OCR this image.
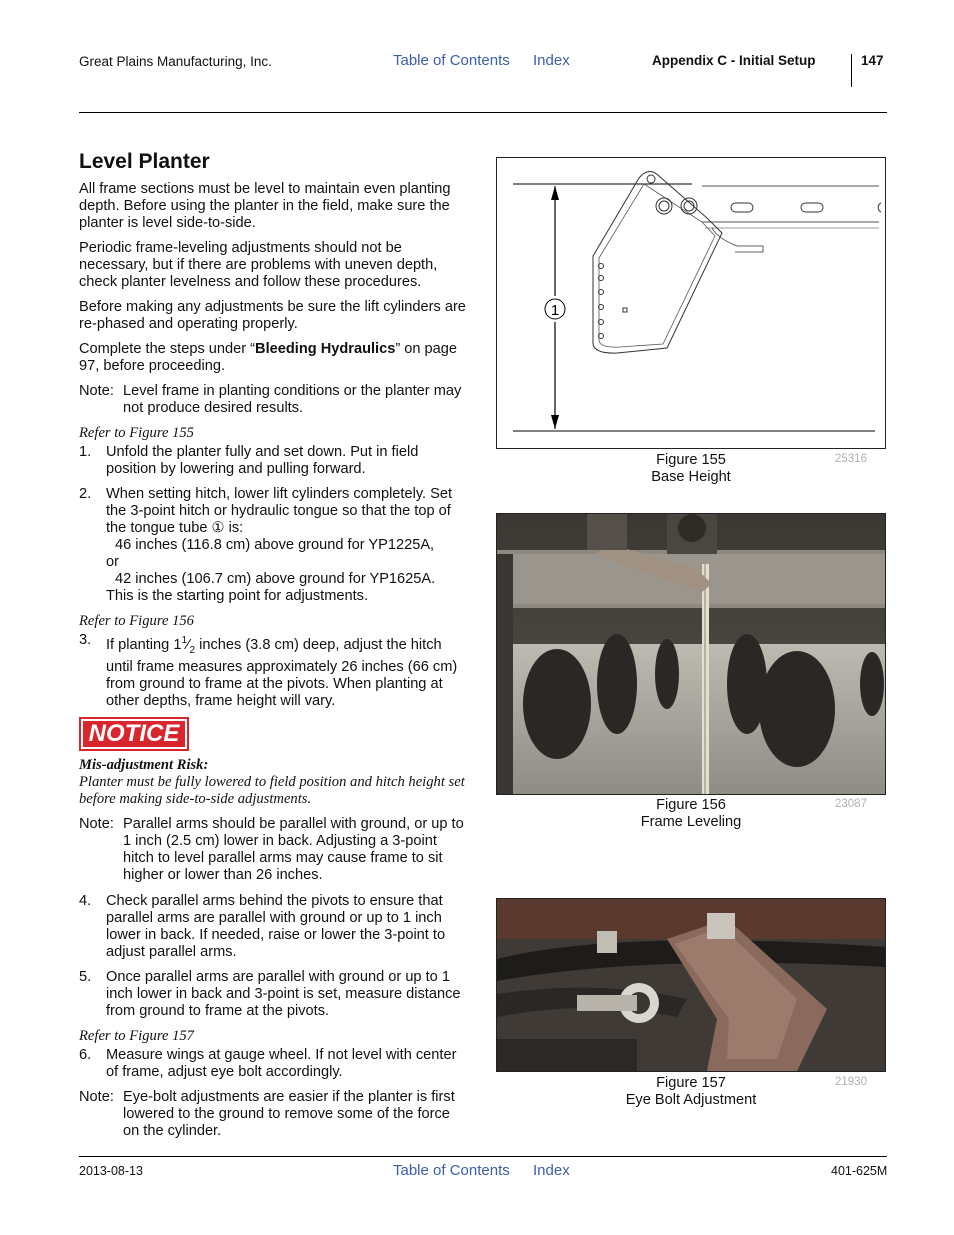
Great Plains Manufacturing, Inc.	Table of Contents Index	Appendix C - Initial Setup	147

Level Planter

All frame sections must be level to maintain even planting depth. Before using the planter in the field, make sure the planter is level side-to-side.

Periodic frame-leveling adjustments should not be necessary, but if there are problems with uneven depth, check planter levelness and follow these procedures.

Before making any adjustments be sure the lift cylinders are re-phased and operating properly.

Complete the steps under “Bleeding Hydraulics” on page 97, before proceeding.

Note: Level frame in planting conditions or the planter may not produce desired results.

Refer to Figure 155

1.	Unfold the planter fully and set down. Put in field position by lowering and pulling forward.
2.	When setting hitch, lower lift cylinders completely. Set the 3-point hitch or hydraulic tongue so that the top of the tongue tube ① is:
46 inches (116.8 cm) above ground for YP1225A,
or
42 inches (106.7 cm) above ground for YP1625A.
This is the starting point for adjustments.

Refer to Figure 156

3.	If planting $1^1⁄_2$ inches (3.8 cm) deep, adjust the hitch until frame measures approximately 26 inches (66 cm) from ground to frame at the pivots. When planting at other depths, frame height will vary.
NOTICE

Mis-adjustment Risk:

Planter must be fully lowered to field position and hitch height set before making side-to-side adjustments.

Note: Parallel arms should be parallel with ground, or up to 1 inch (2.5 cm) lower in back. Adjusting a 3-point hitch to level parallel arms may cause frame to sit higher or lower than 26 inches.
4.	Check parallel arms behind the pivots to ensure that parallel arms are parallel with ground or up to 1 inch lower in back. If needed, raise or lower the 3-point to adjust parallel arms.
5.	Once parallel arms are parallel with ground or up to 1 inch lower in back and 3-point is set, measure distance from ground to frame at the pivots.

Refer to Figure 157

6.	Measure wings at gauge wheel. If not level with center of frame, adjust eye bolt accordingly.
Note: Eye-bolt adjustments are easier if the planter is first lowered to the ground to remove some of the force on the cylinder.
1
Figure 155
Base Height
25316
Figure 156
Frame Leveling
23087
Figure 157
Eye Bolt Adjustment
21930
2013-08-13	Table of Contents Index	401-625M
